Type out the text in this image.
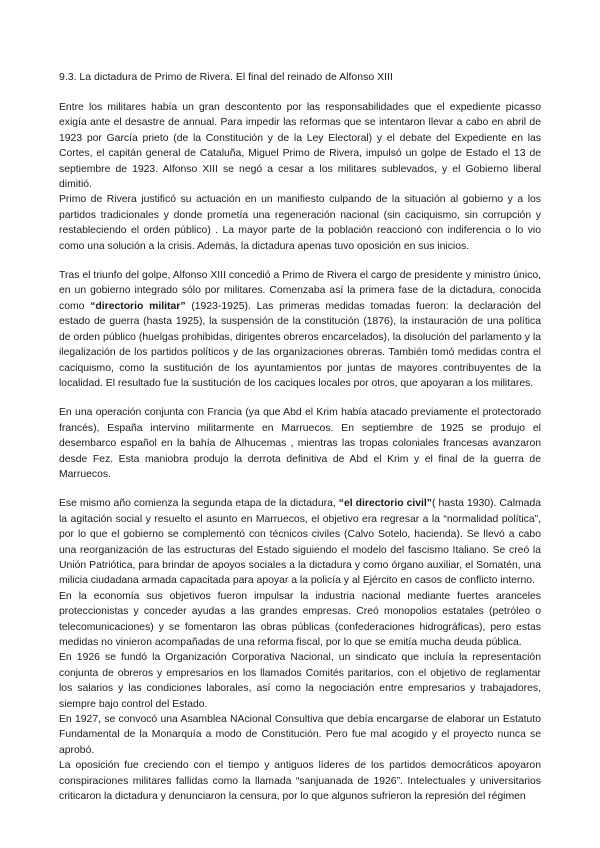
9.3. La dictadura de Primo de Rivera. El final del reinado de Alfonso XIII

Entre los militares había un gran descontento por las responsabilidades que el expediente picasso exigía ante el desastre de annual. Para impedir las reformas que se intentaron llevar a cabo en abril de 1923 por García prieto (de la Constitución y de la Ley Electoral) y el debate del Expediente en las Cortes, el capitán general de Cataluña, Miguel Primo de Rivera, impulsó un golpe de Estado el 13 de septiembre de 1923. Alfonso XIII se negó a cesar a los militares sublevados, y el Gobierno liberal dimitió.

Primo de Rivera justificó su actuación en un manifiesto culpando de la situación al gobierno y a los partidos tradicionales y donde prometía una regeneración nacional (sin caciquismo, sin corrupción y restableciendo el orden público) . La mayor parte de la población reaccionó con indiferencia o lo vio como una solución a la crisis. Además, la dictadura apenas tuvo oposición en sus inicios.

Tras el triunfo del golpe, Alfonso XIII concedió a Primo de Rivera el cargo de presidente y ministro único, en un gobierno integrado sólo por militares. Comenzaba así la primera fase de la dictadura, conocida como “directorio militar” (1923-1925). Las primeras medidas tomadas fueron: la declaración del estado de guerra (hasta 1925), la suspensión de la constitución (1876), la instauración de una política de orden público (huelgas prohibidas, dirigentes obreros encarcelados), la disolución del parlamento y la ilegalización de los partidos políticos y de las organizaciones obreras. También tomó medidas contra el caciquismo, como la sustitución de los ayuntamientos por juntas de mayores contribuyentes de la localidad. El resultado fue la sustitución de los caciques locales por otros, que apoyaran a los militares.

En una operación conjunta con Francia (ya que Abd el Krim había atacado previamente el protectorado francés), España intervino militarmente en Marruecos. En septiembre de 1925 se produjo el desembarco español en la bahía de Alhucemas , mientras las tropas coloniales francesas avanzaron desde Fez. Esta maniobra produjo la derrota definitiva de Abd el Krim y el final de la guerra de Marruecos.

Ese mismo año comienza la segunda etapa de la dictadura, “el directorio civil”( hasta 1930). Calmada la agitación social y resuelto el asunto en Marruecos, el objetivo era regresar a la “normalidad política”, por lo que el gobierno se complementó con técnicos civiles (Calvo Sotelo, hacienda). Se llevó a cabo una reorganización de las estructuras del Estado siguiendo el modelo del fascismo Italiano. Se creó la Unión Patriótica, para brindar de apoyos sociales a la dictadura y como órgano auxiliar, el Somatén, una milicia ciudadana armada capacitada para apoyar a la policía y al Ejército en casos de conflicto interno.

En la economía sus objetivos fueron impulsar la industria nacional mediante fuertes aranceles proteccionistas y conceder ayudas a las grandes empresas. Creó monopolios estatales (petróleo o telecomunicaciones) y se fomentaron las obras públicas (confederaciones hidrográficas), pero estas medidas no vinieron acompañadas de una reforma fiscal, por lo que se emitía mucha deuda pública.

En 1926 se fundó la Organización Corporativa Nacional, un sindicato que incluía la representación conjunta de obreros y empresarios en los llamados Comités paritarios, con el objetivo de reglamentar los salarios y las condiciones laborales, así como la negociación entre empresarios y trabajadores, siempre bajo control del Estado.

En 1927, se convocó una Asamblea NAcional Consultiva que debía encargarse de elaborar un Estatuto Fundamental de la Monarquía a modo de Constitución. Pero fue mal acogido y el proyecto nunca se aprobó.

La oposición fue creciendo con el tiempo y antiguos líderes de los partidos democráticos apoyaron conspiraciones militares fallidas como la llamada “sanjuanada de 1926”. Intelectuales y universitarios criticaron la dictadura y denunciaron la censura, por lo que algunos sufrieron la represión del régimen
